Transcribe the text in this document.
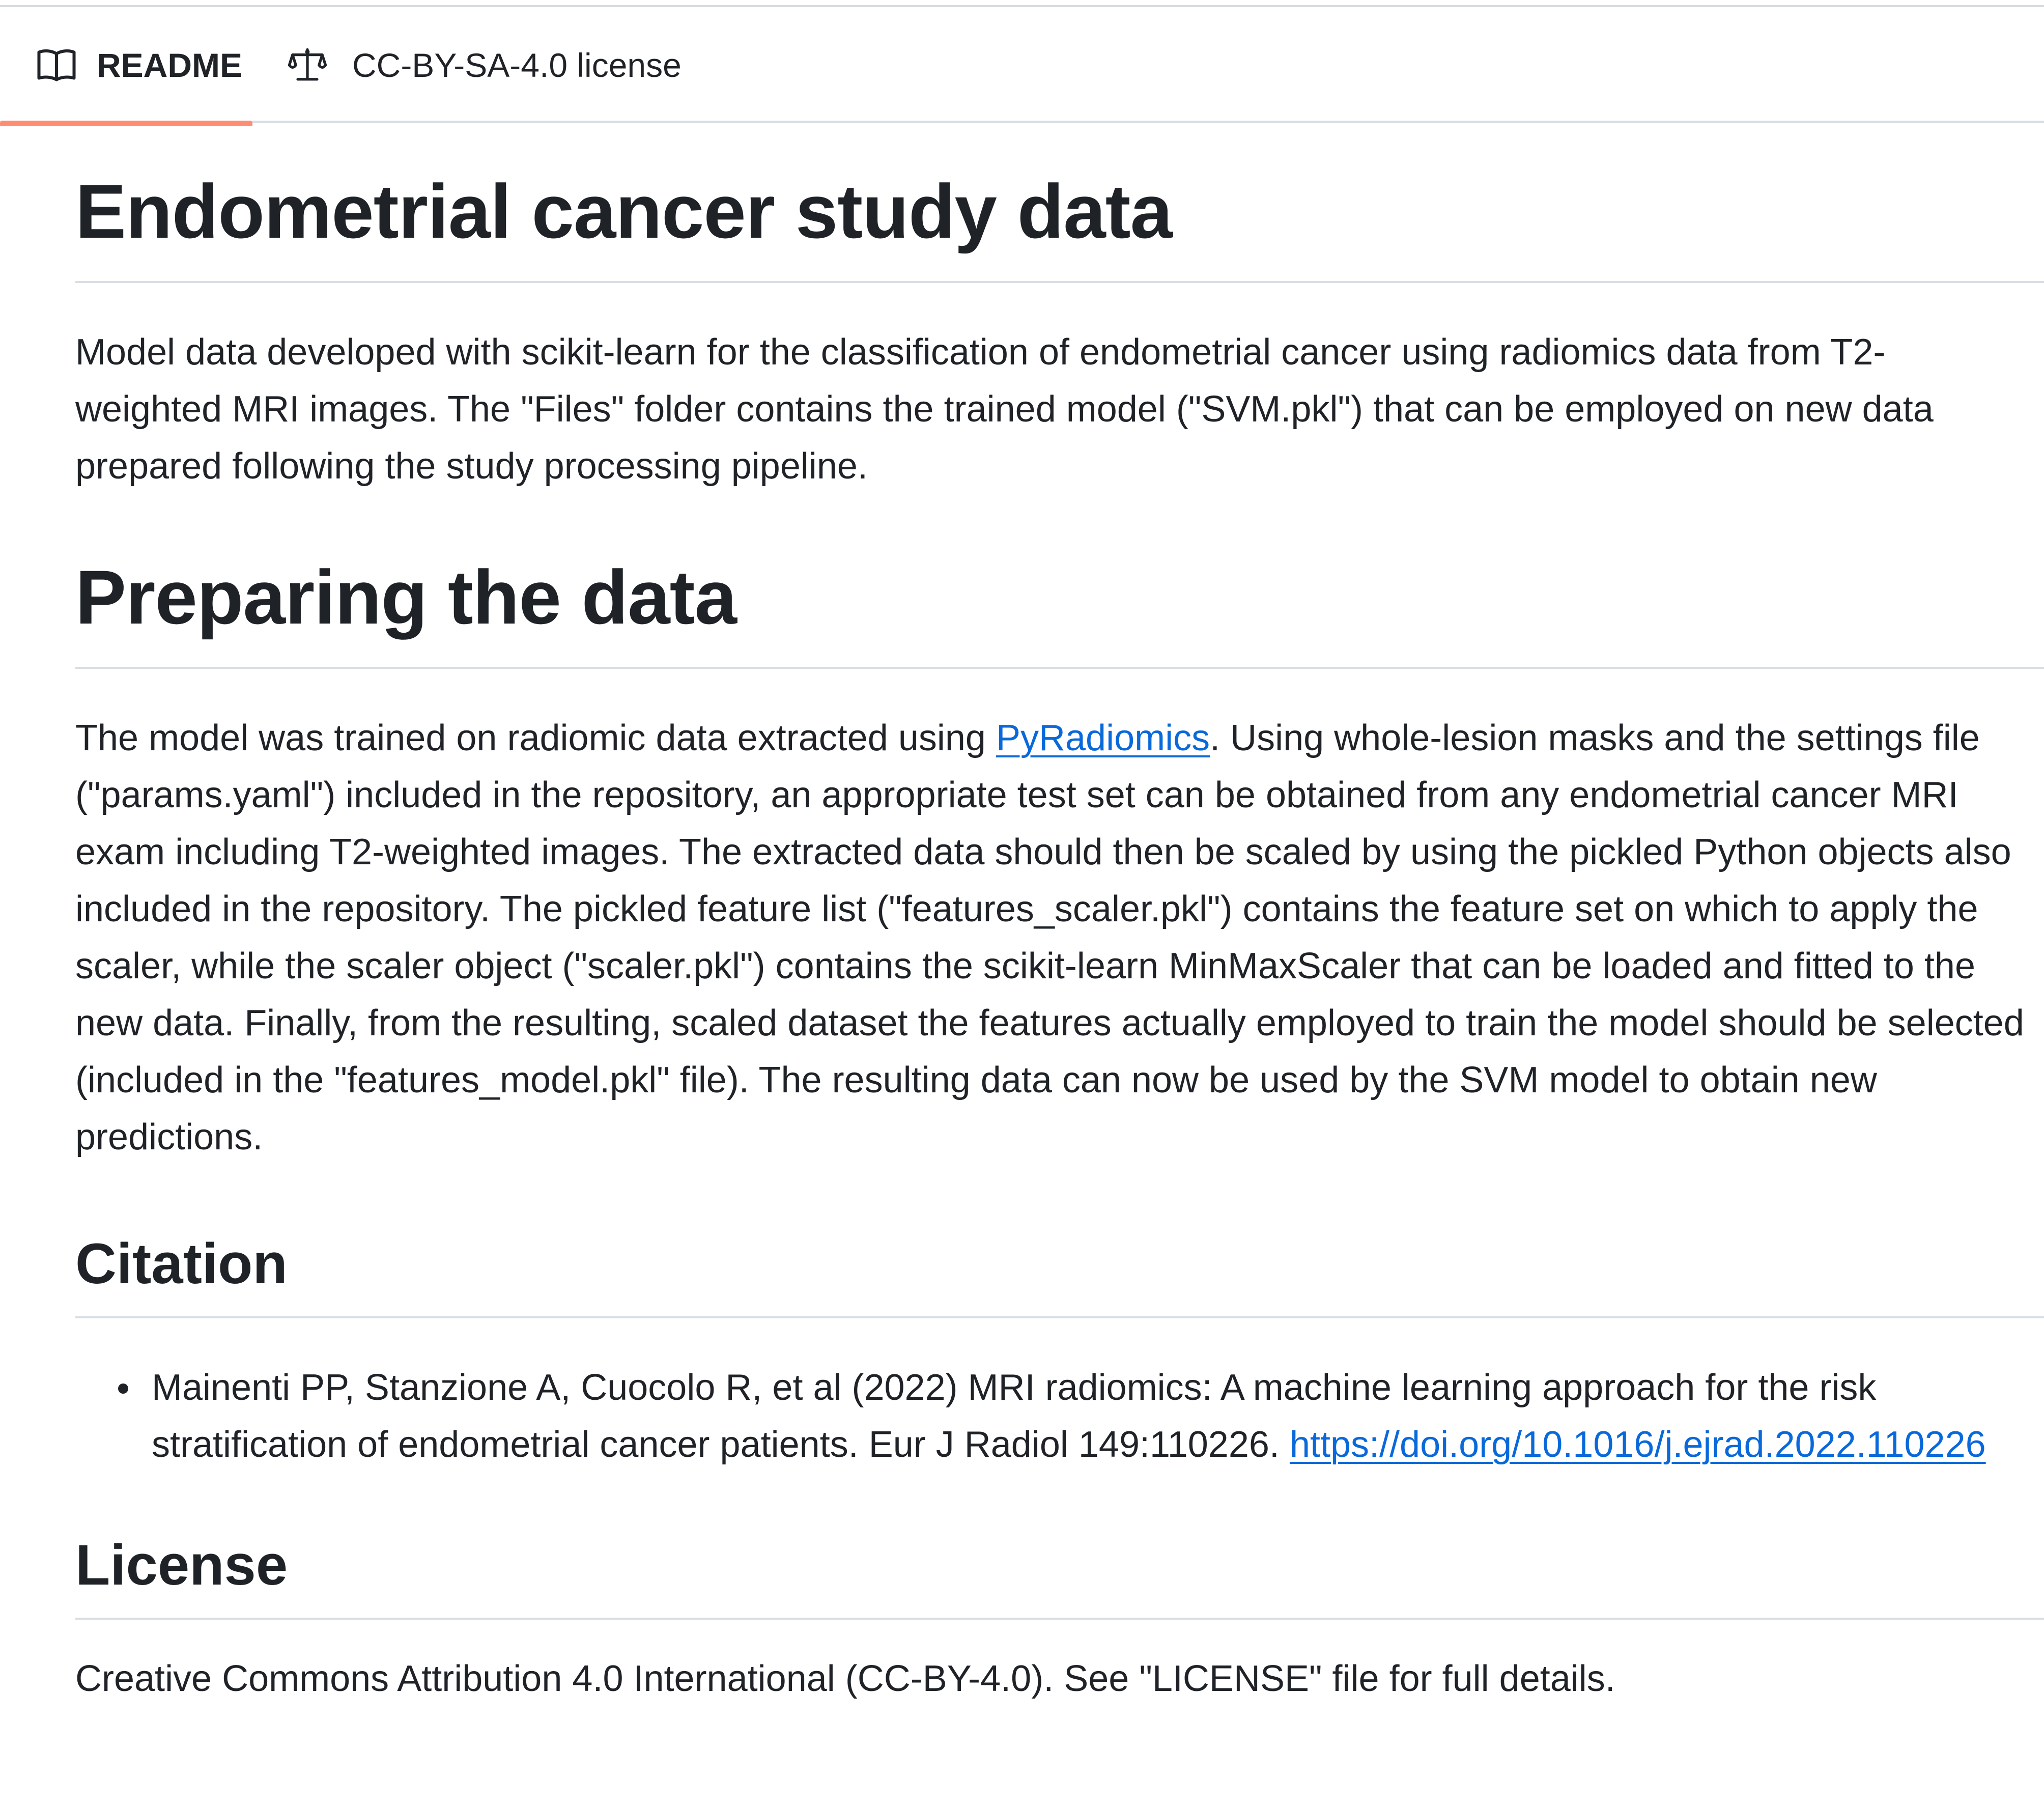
README	CC-BY-SA-4.0 license
Endometrial cancer study data

Model data developed with scikit-learn for the classification of endometrial cancer using radiomics data from T2-weighted MRI images. The "Files" folder contains the trained model ("SVM.pkl") that can be employed on new data prepared following the study processing pipeline.

Preparing the data

The model was trained on radiomic data extracted using PyRadiomics. Using whole-lesion masks and the settings file ("params.yaml") included in the repository, an appropriate test set can be obtained from any endometrial cancer MRI exam including T2-weighted images. The extracted data should then be scaled by using the pickled Python objects also included in the repository. The pickled feature list ("features_scaler.pkl") contains the feature set on which to apply the scaler, while the scaler object ("scaler.pkl") contains the scikit-learn MinMaxScaler that can be loaded and fitted to the new data. Finally, from the resulting, scaled dataset the features actually employed to train the model should be selected (included in the "features_model.pkl" file). The resulting data can now be used by the SVM model to obtain new predictions.

Citation
Mainenti PP, Stanzione A, Cuocolo R, et al (2022) MRI radiomics: A machine learning approach for the risk stratification of endometrial cancer patients. Eur J Radiol 149:110226. https://doi.org/10.1016/j.ejrad.2022.110226
License

Creative Commons Attribution 4.0 International (CC-BY-4.0). See "LICENSE" file for full details.
